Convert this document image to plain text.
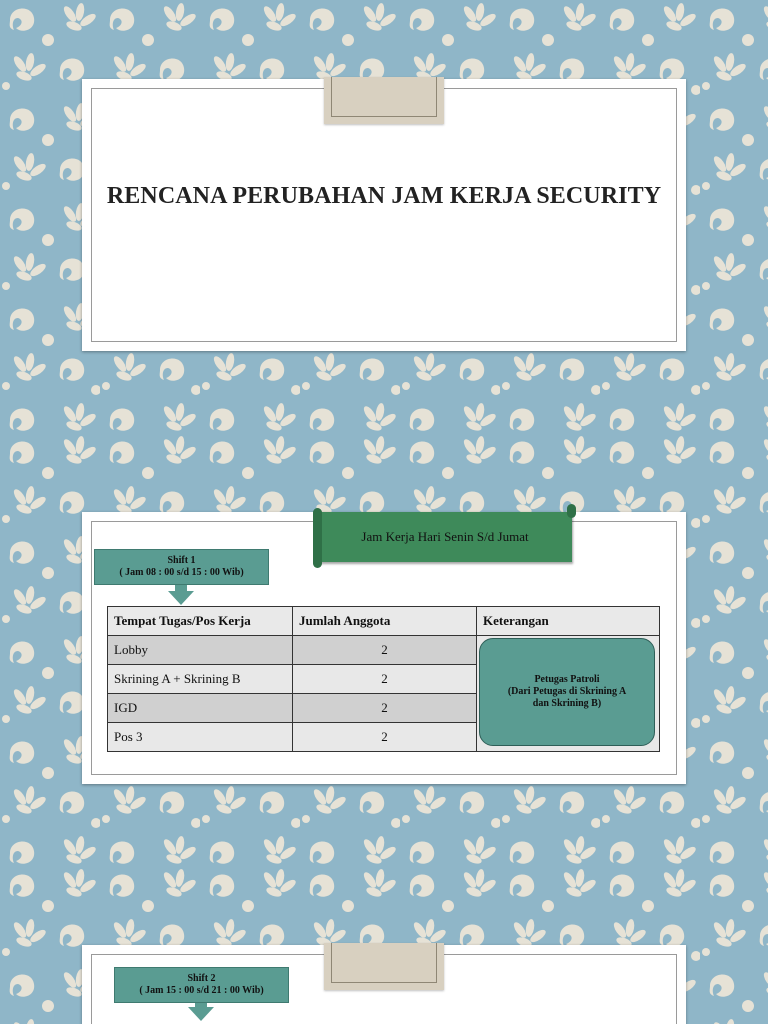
RENCANA PERUBAHAN JAM KERJA SECURITY
Jam Kerja Hari Senin S/d Jumat
Shift 1
( Jam 08 : 00 s/d 15 : 00 Wib)
Tempat Tugas/Pos Kerja	Jumlah Anggota	Keterangan
Lobby	2	
Skrining A + Skrining B	2	
IGD	2	
Pos 3	2	
Petugas Patroli
(Dari Petugas di Skrining A
dan Skrining B)
Shift 2
( Jam 15 : 00 s/d 21 : 00 Wib)
